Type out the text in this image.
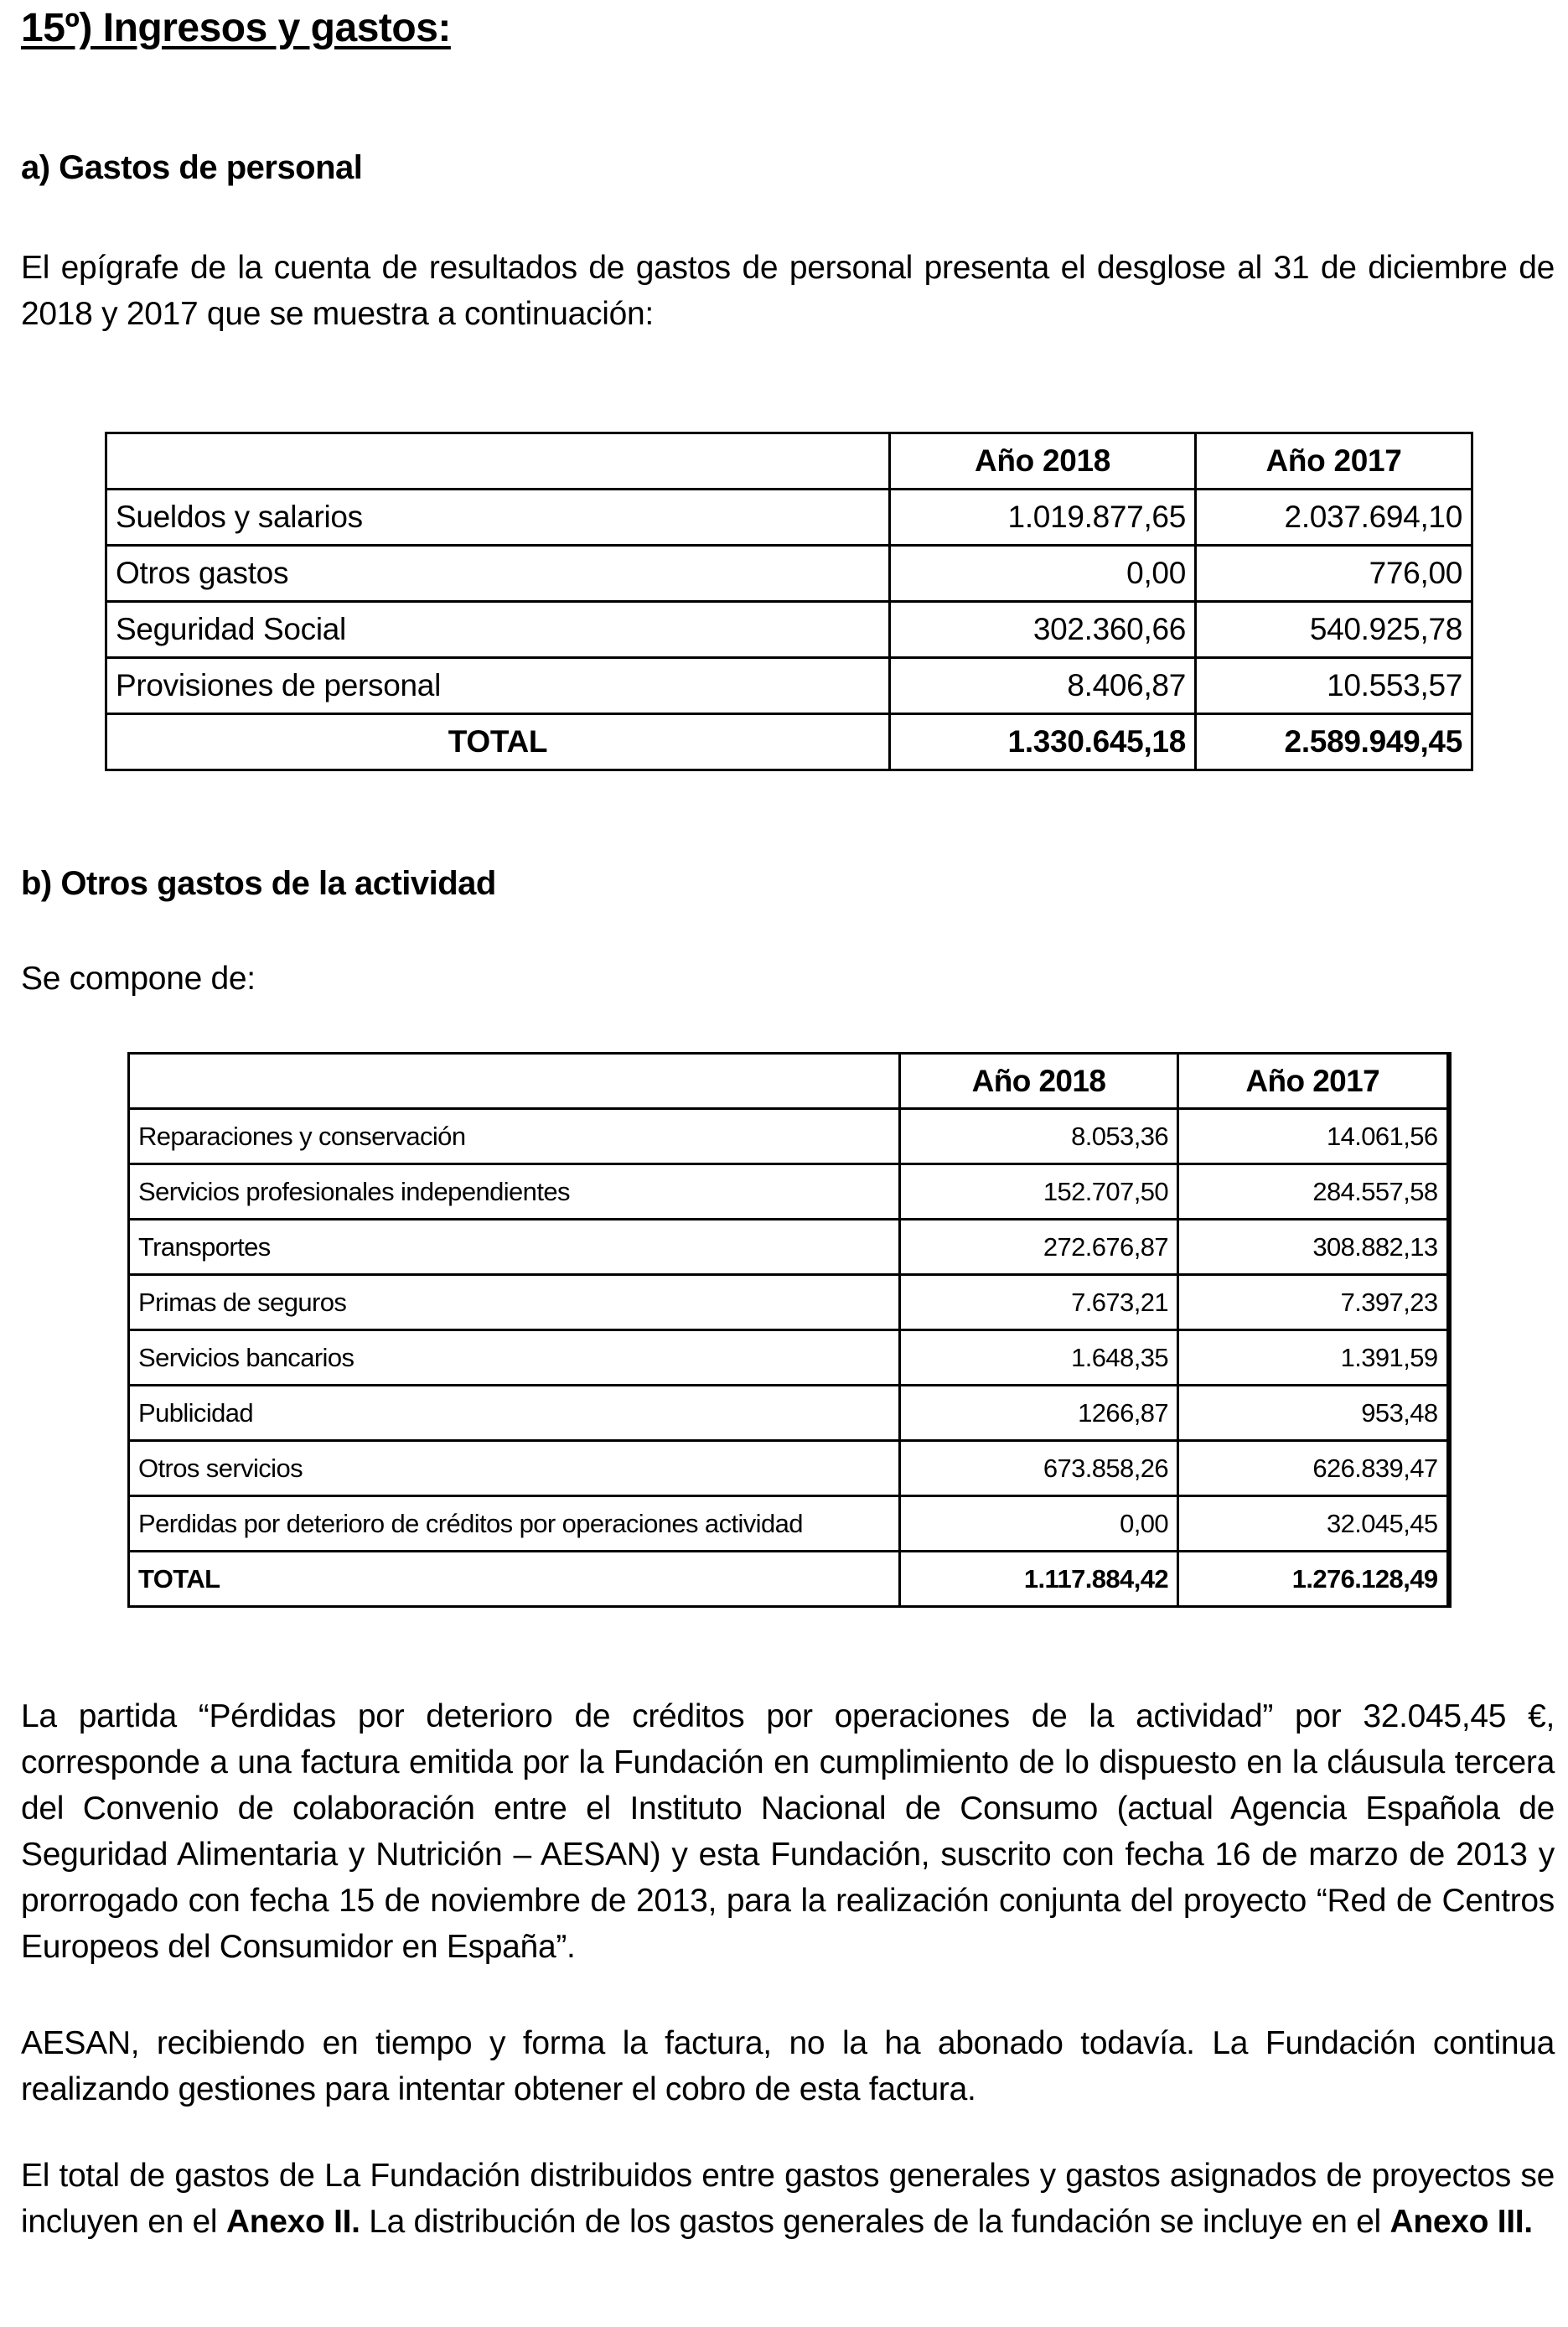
15º) Ingresos y gastos:
a) Gastos de personal
El epígrafe de la cuenta de resultados de gastos de personal presenta el desglose al 31 de diciembre de 2018 y 2017 que se muestra a continuación:
	Año 2018	Año 2017
Sueldos y salarios	1.019.877,65	2.037.694,10
Otros gastos	0,00	776,00
Seguridad Social	302.360,66	540.925,78
Provisiones de personal	8.406,87	10.553,57
TOTAL	1.330.645,18	2.589.949,45
b) Otros gastos de la actividad
Se compone de:
	Año 2018	Año 2017
Reparaciones y conservación	8.053,36	14.061,56
Servicios profesionales independientes	152.707,50	284.557,58
Transportes	272.676,87	308.882,13
Primas de seguros	7.673,21	7.397,23
Servicios bancarios	1.648,35	1.391,59
Publicidad	1266,87	953,48
Otros servicios	673.858,26	626.839,47
Perdidas por deterioro de créditos por operaciones actividad	0,00	32.045,45
TOTAL	1.117.884,42	1.276.128,49
La partida “Pérdidas por deterioro de créditos por operaciones de la actividad” por 32.045,45 €, corresponde a una factura emitida por la Fundación en cumplimiento de lo dispuesto en la cláusula tercera del Convenio de colaboración entre el Instituto Nacional de Consumo (actual Agencia Española de Seguridad Alimentaria y Nutrición – AESAN) y esta Fundación, suscrito con fecha 16 de marzo de 2013 y prorrogado con fecha 15 de noviembre de 2013, para la realización conjunta del proyecto “Red de Centros Europeos del Consumidor en España”.
AESAN, recibiendo en tiempo y forma la factura, no la ha abonado todavía. La Fundación continua realizando gestiones para intentar obtener el cobro de esta factura.
El total de gastos de La Fundación distribuidos entre gastos generales y gastos asignados de proyectos se incluyen en el Anexo II. La distribución de los gastos generales de la fundación se incluye en el Anexo III.
